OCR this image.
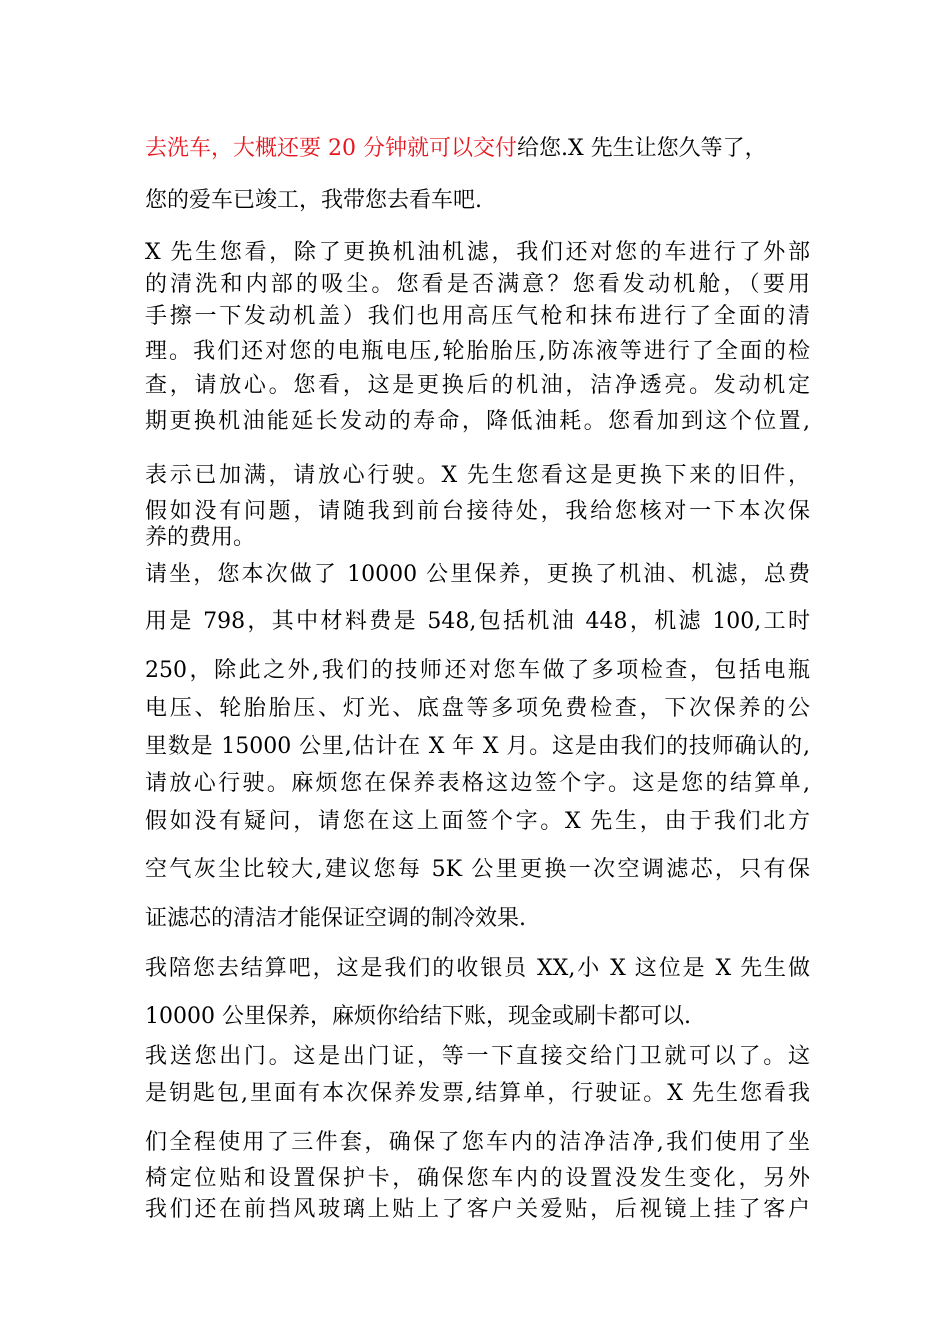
去洗车，大概还要 20 分钟就可以交付给您.X 先生让您久等了，

您的爱车已竣工，我带您去看车吧.

X 先生您看，除了更换机油机滤，我们还对您的车进行了外部

的清洗和内部的吸尘。您看是否满意？您看发动机舱，（要用

手擦一下发动机盖）我们也用高压气枪和抹布进行了全面的清

理。我们还对您的电瓶电压,轮胎胎压,防冻液等进行了全面的检

查，请放心。您看，这是更换后的机油，洁净透亮。发动机定

期更换机油能延长发动的寿命，降低油耗。您看加到这个位置,

表示已加满，请放心行驶。X 先生您看这是更换下来的旧件，

假如没有问题，请随我到前台接待处，我给您核对一下本次保

养的费用。

请坐，您本次做了 10000 公里保养，更换了机油、机滤，总费

用是 798，其中材料费是 548,包括机油 448，机滤 100,工时

250，除此之外,我们的技师还对您车做了多项检查，包括电瓶

电压、轮胎胎压、灯光、底盘等多项免费检查，下次保养的公

里数是 15000 公里,估计在 X 年 X 月。这是由我们的技师确认的,

请放心行驶。麻烦您在保养表格这边签个字。这是您的结算单,

假如没有疑问，请您在这上面签个字。X 先生，由于我们北方

空气灰尘比较大,建议您每 5K 公里更换一次空调滤芯，只有保

证滤芯的清洁才能保证空调的制冷效果.

我陪您去结算吧，这是我们的收银员 XX,小 X 这位是 X 先生做

10000 公里保养，麻烦你给结下账，现金或刷卡都可以.

我送您出门。这是出门证，等一下直接交给门卫就可以了。这

是钥匙包,里面有本次保养发票,结算单，行驶证。X 先生您看我

们全程使用了三件套，确保了您车内的洁净洁净,我们使用了坐

椅定位贴和设置保护卡，确保您车内的设置没发生变化，另外

我们还在前挡风玻璃上贴上了客户关爱贴，后视镜上挂了客户
